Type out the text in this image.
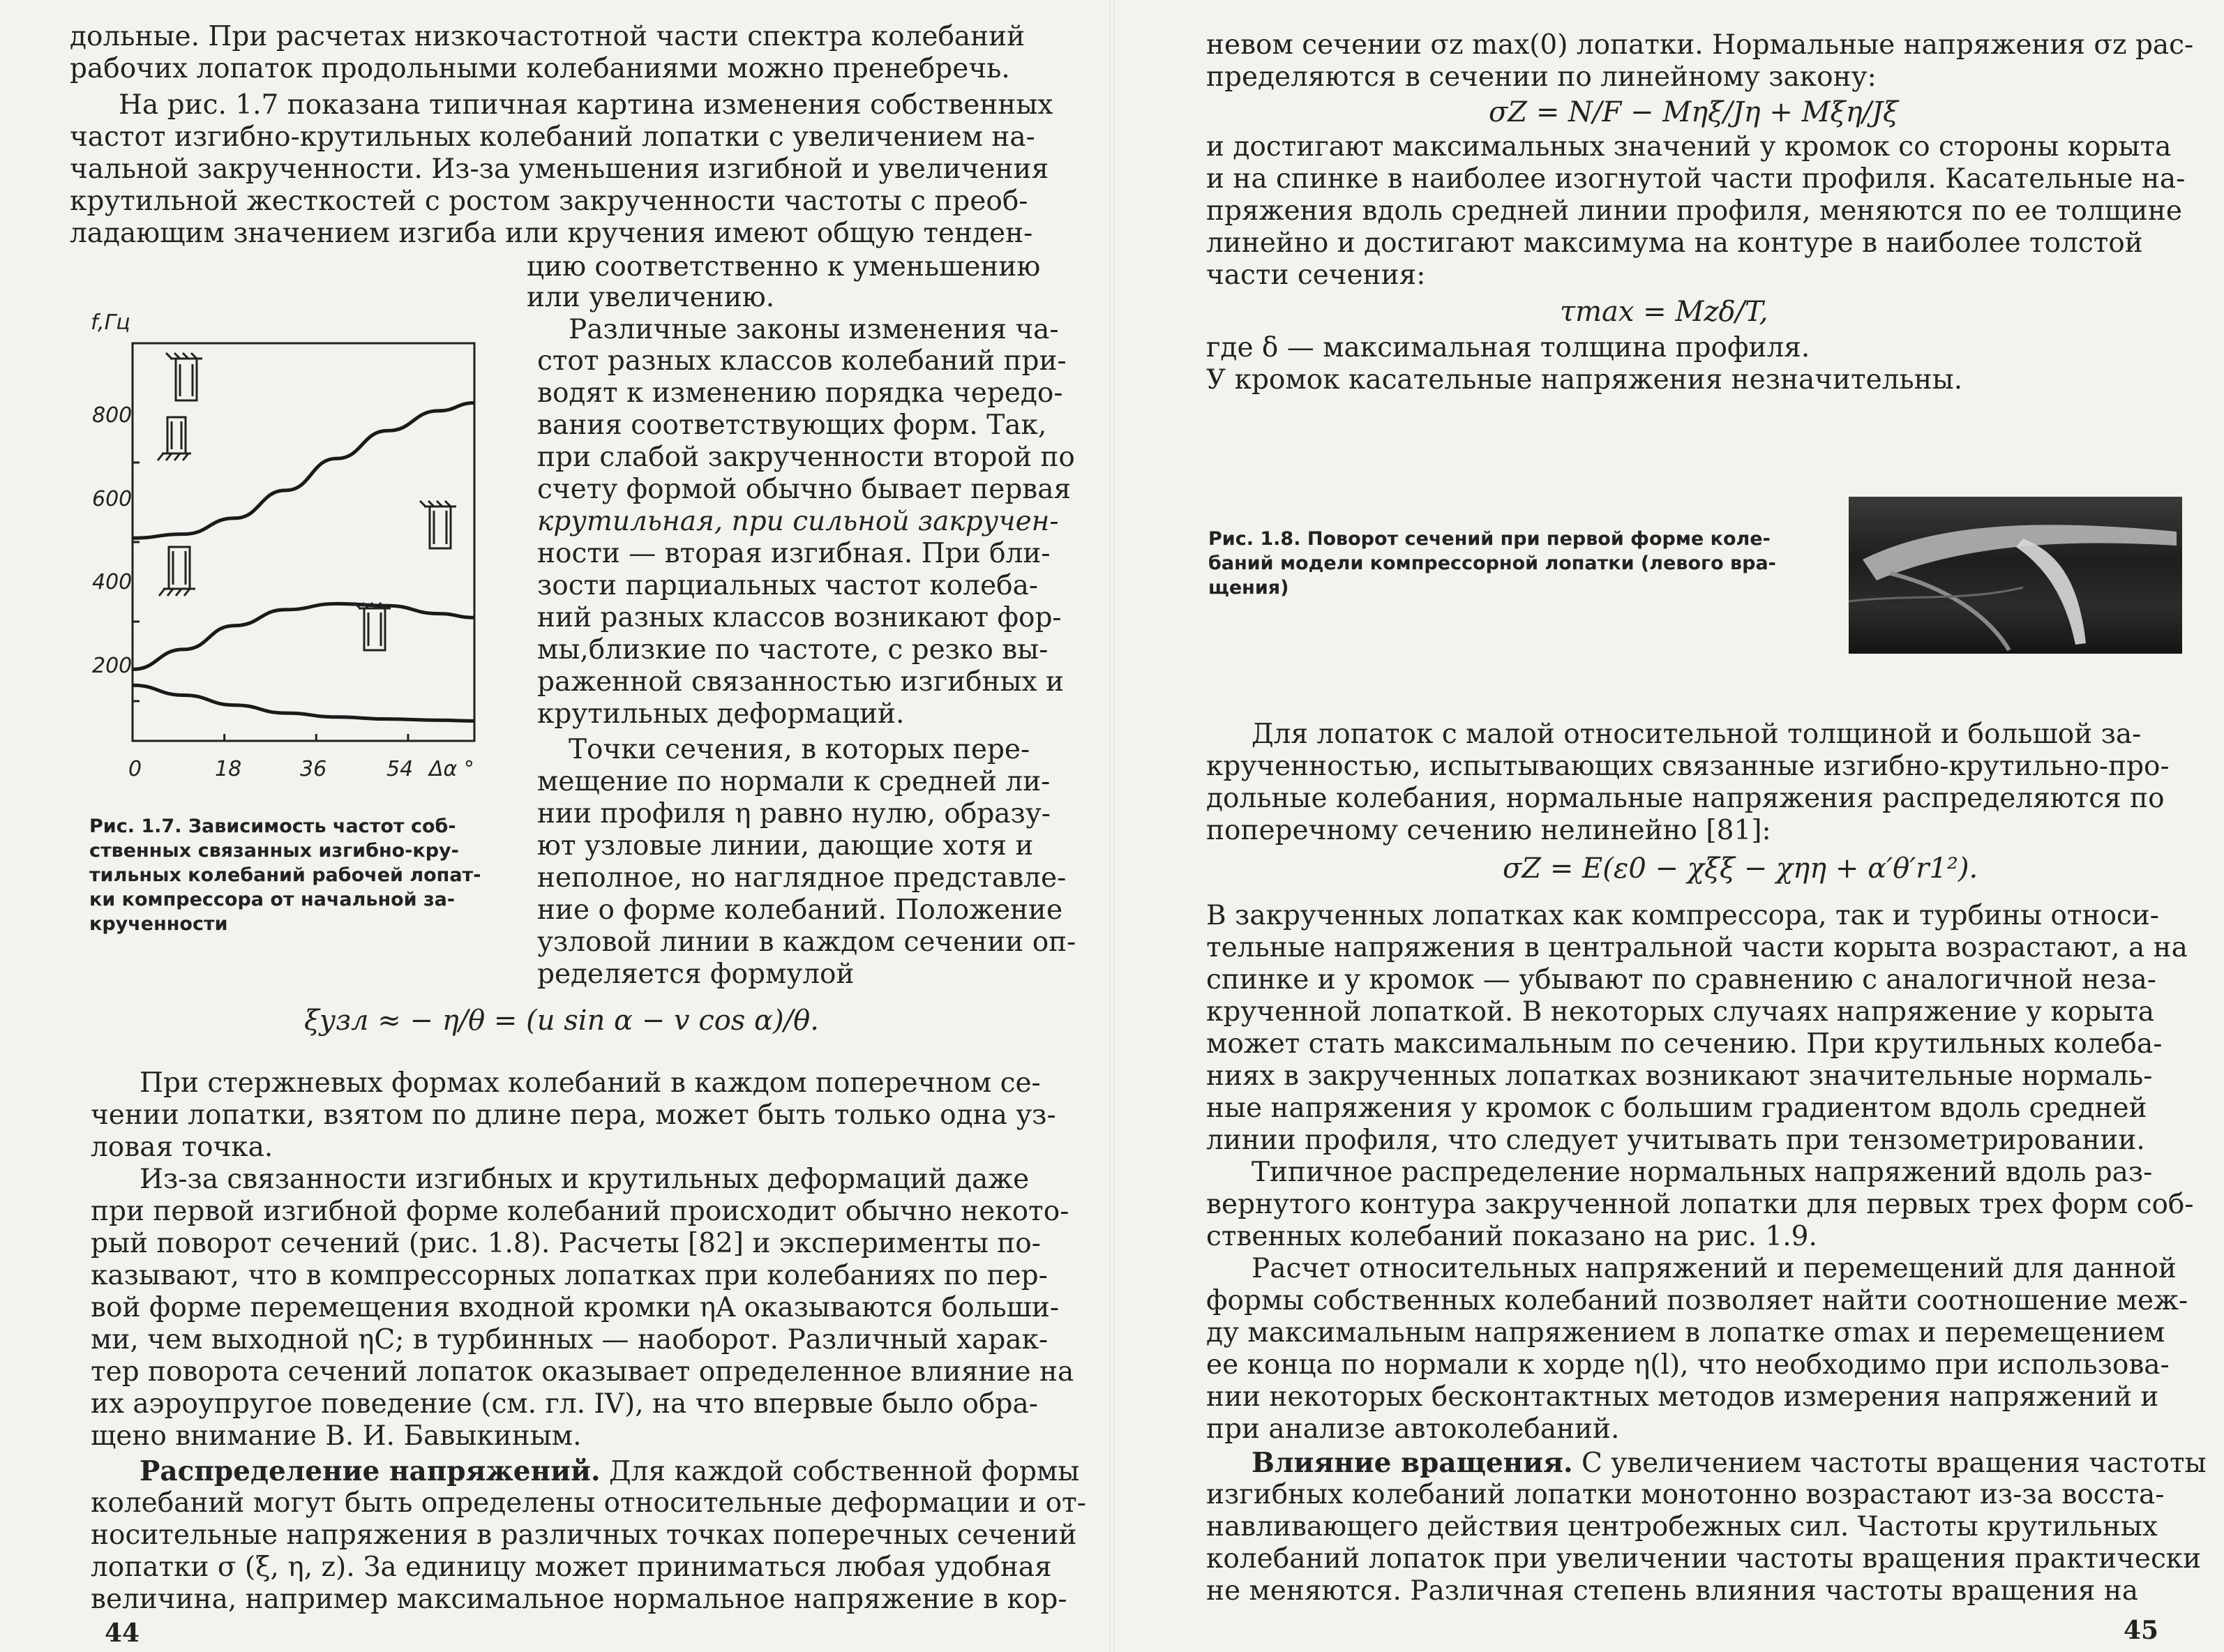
дольные. При расчетах низкочастотной части спектра колебаний
рабочих лопаток продольными колебаниями можно пренебречь.
На рис. 1.7 показана типичная картина изменения собственных
частот изгибно-крутильных колебаний лопатки с увеличением на-
чальной закрученности. Из-за уменьшения изгибной и увеличения
крутильной жесткостей с ростом закрученности частоты с преоб-
ладающим значением изгиба или кручения имеют общую тенден-
цию соответственно к уменьшению
или увеличению.
Различные законы изменения ча-
стот разных классов колебаний при-
водят к изменению порядка чередо-
вания соответствующих форм. Так,
при слабой закрученности второй по
счету формой обычно бывает первая
крутильная, при сильной закручен-
ности — вторая изгибная. При бли-
зости парциальных частот колеба-
ний разных классов возникают фор-
мы,близкие по частоте, с резко вы-
раженной связанностью изгибных и
крутильных деформаций.
Точки сечения, в которых пере-
мещение по нормали к средней ли-
нии профиля η равно нулю, образу-
ют узловые линии, дающие хотя и
неполное, но наглядное представле-
ние о форме колебаний. Положение
узловой линии в каждом сечении оп-
ределяется формулой
f,Гц
800
600
400
200
0	18	36	54 Δα °
Рис. 1.7. Зависимость частот соб-
ственных связанных изгибно-кру-
тильных колебаний рабочей лопат-
ки компрессора от начальной за-
крученности
ξузл ≈ − η/θ = (u sin α − v cos α)/θ.
При стержневых формах колебаний в каждом поперечном се-
чении лопатки, взятом по длине пера, может быть только одна уз-
ловая точка.
Из-за связанности изгибных и крутильных деформаций даже
при первой изгибной форме колебаний происходит обычно некото-
рый поворот сечений (рис. 1.8). Расчеты [82] и эксперименты по-
казывают, что в компрессорных лопатках при колебаниях по пер-
вой форме перемещения входной кромки ηA оказываются больши-
ми, чем выходной ηC; в турбинных — наоборот. Различный харак-
тер поворота сечений лопаток оказывает определенное влияние на
их аэроупругое поведение (см. гл. IV), на что впервые было обра-
щено внимание В. И. Бавыкиным.
Распределение напряжений. Для каждой собственной формы
колебаний могут быть определены относительные деформации и от-
носительные напряжения в различных точках поперечных сечений
лопатки σ (ξ, η, z). За единицу может приниматься любая удобная
величина, например максимальное нормальное напряжение в кор-
44
невом сечении σz max(0) лопатки. Нормальные напряжения σz рас-
пределяются в сечении по линейному закону:
σZ = N/F − Mηξ/Jη + Mξη/Jξ
и достигают максимальных значений у кромок со стороны корыта
и на спинке в наиболее изогнутой части профиля. Касательные на-
пряжения вдоль средней линии профиля, меняются по ее толщине
линейно и достигают максимума на контуре в наиболее толстой
части сечения:
τmax = Mzδ/T,
где δ — максимальная толщина профиля.
У кромок касательные напряжения незначительны.
Рис. 1.8. Поворот сечений при первой форме коле-
баний модели компрессорной лопатки (левого вра-
щения)
Для лопаток с малой относительной толщиной и большой за-
крученностью, испытывающих связанные изгибно-крутильно-про-
дольные колебания, нормальные напряжения распределяются по
поперечному сечению нелинейно [81]:
σZ = E(ε0 − χξξ − χηη + α′θ′r1²).
В закрученных лопатках как компрессора, так и турбины относи-
тельные напряжения в центральной части корыта возрастают, а на
спинке и у кромок — убывают по сравнению с аналогичной неза-
крученной лопаткой. В некоторых случаях напряжение у корыта
может стать максимальным по сечению. При крутильных колеба-
ниях в закрученных лопатках возникают значительные нормаль-
ные напряжения у кромок с большим градиентом вдоль средней
линии профиля, что следует учитывать при тензометрировании.
Типичное распределение нормальных напряжений вдоль раз-
вернутого контура закрученной лопатки для первых трех форм соб-
ственных колебаний показано на рис. 1.9.
Расчет относительных напряжений и перемещений для данной
формы собственных колебаний позволяет найти соотношение меж-
ду максимальным напряжением в лопатке σmax и перемещением
ее конца по нормали к хорде η(l), что необходимо при использова-
нии некоторых бесконтактных методов измерения напряжений и
при анализе автоколебаний.
Влияние вращения. С увеличением частоты вращения частоты
изгибных колебаний лопатки монотонно возрастают из-за восста-
навливающего действия центробежных сил. Частоты крутильных
колебаний лопаток при увеличении частоты вращения практически
не меняются. Различная степень влияния частоты вращения на
45
